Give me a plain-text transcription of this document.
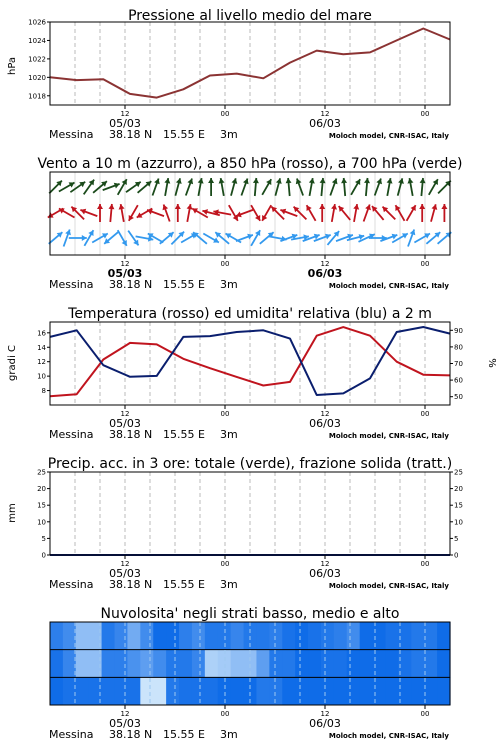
Pressione al livello medio del mare
hPa
1018
1020
1022
1024
1026
12	00	12	00
05/03	06/03
Messina 38.18 N 15.55 E 3m	Moloch model, CNR-ISAC, Italy
Vento a 10 m (azzurro), a 850 hPa (rosso), a 700 hPa (verde)
12	00	12	00
05/03	06/03
Messina 38.18 N 15.55 E 3m	Moloch model, CNR-ISAC, Italy
Temperatura (rosso) ed umidita' relativa (blu) a 2 m
gradi C	%
8
10
12
14
16
50
60
70
80
90
12	00	12	00
05/03	06/03
Messina 38.18 N 15.55 E 3m	Moloch model, CNR-ISAC, Italy
Precip. acc. in 3 ore: totale (verde), frazione solida (tratt.)
mm
0
5
10
15
20
25
0
5
10
15
20
25
12	00	12	00
05/03	06/03
Messina 38.18 N 15.55 E 3m	Moloch model, CNR-ISAC, Italy
Nuvolosita' negli strati basso, medio e alto
12	00	12	00
05/03	06/03
Messina 38.18 N 15.55 E 3m	Moloch model, CNR-ISAC, Italy
